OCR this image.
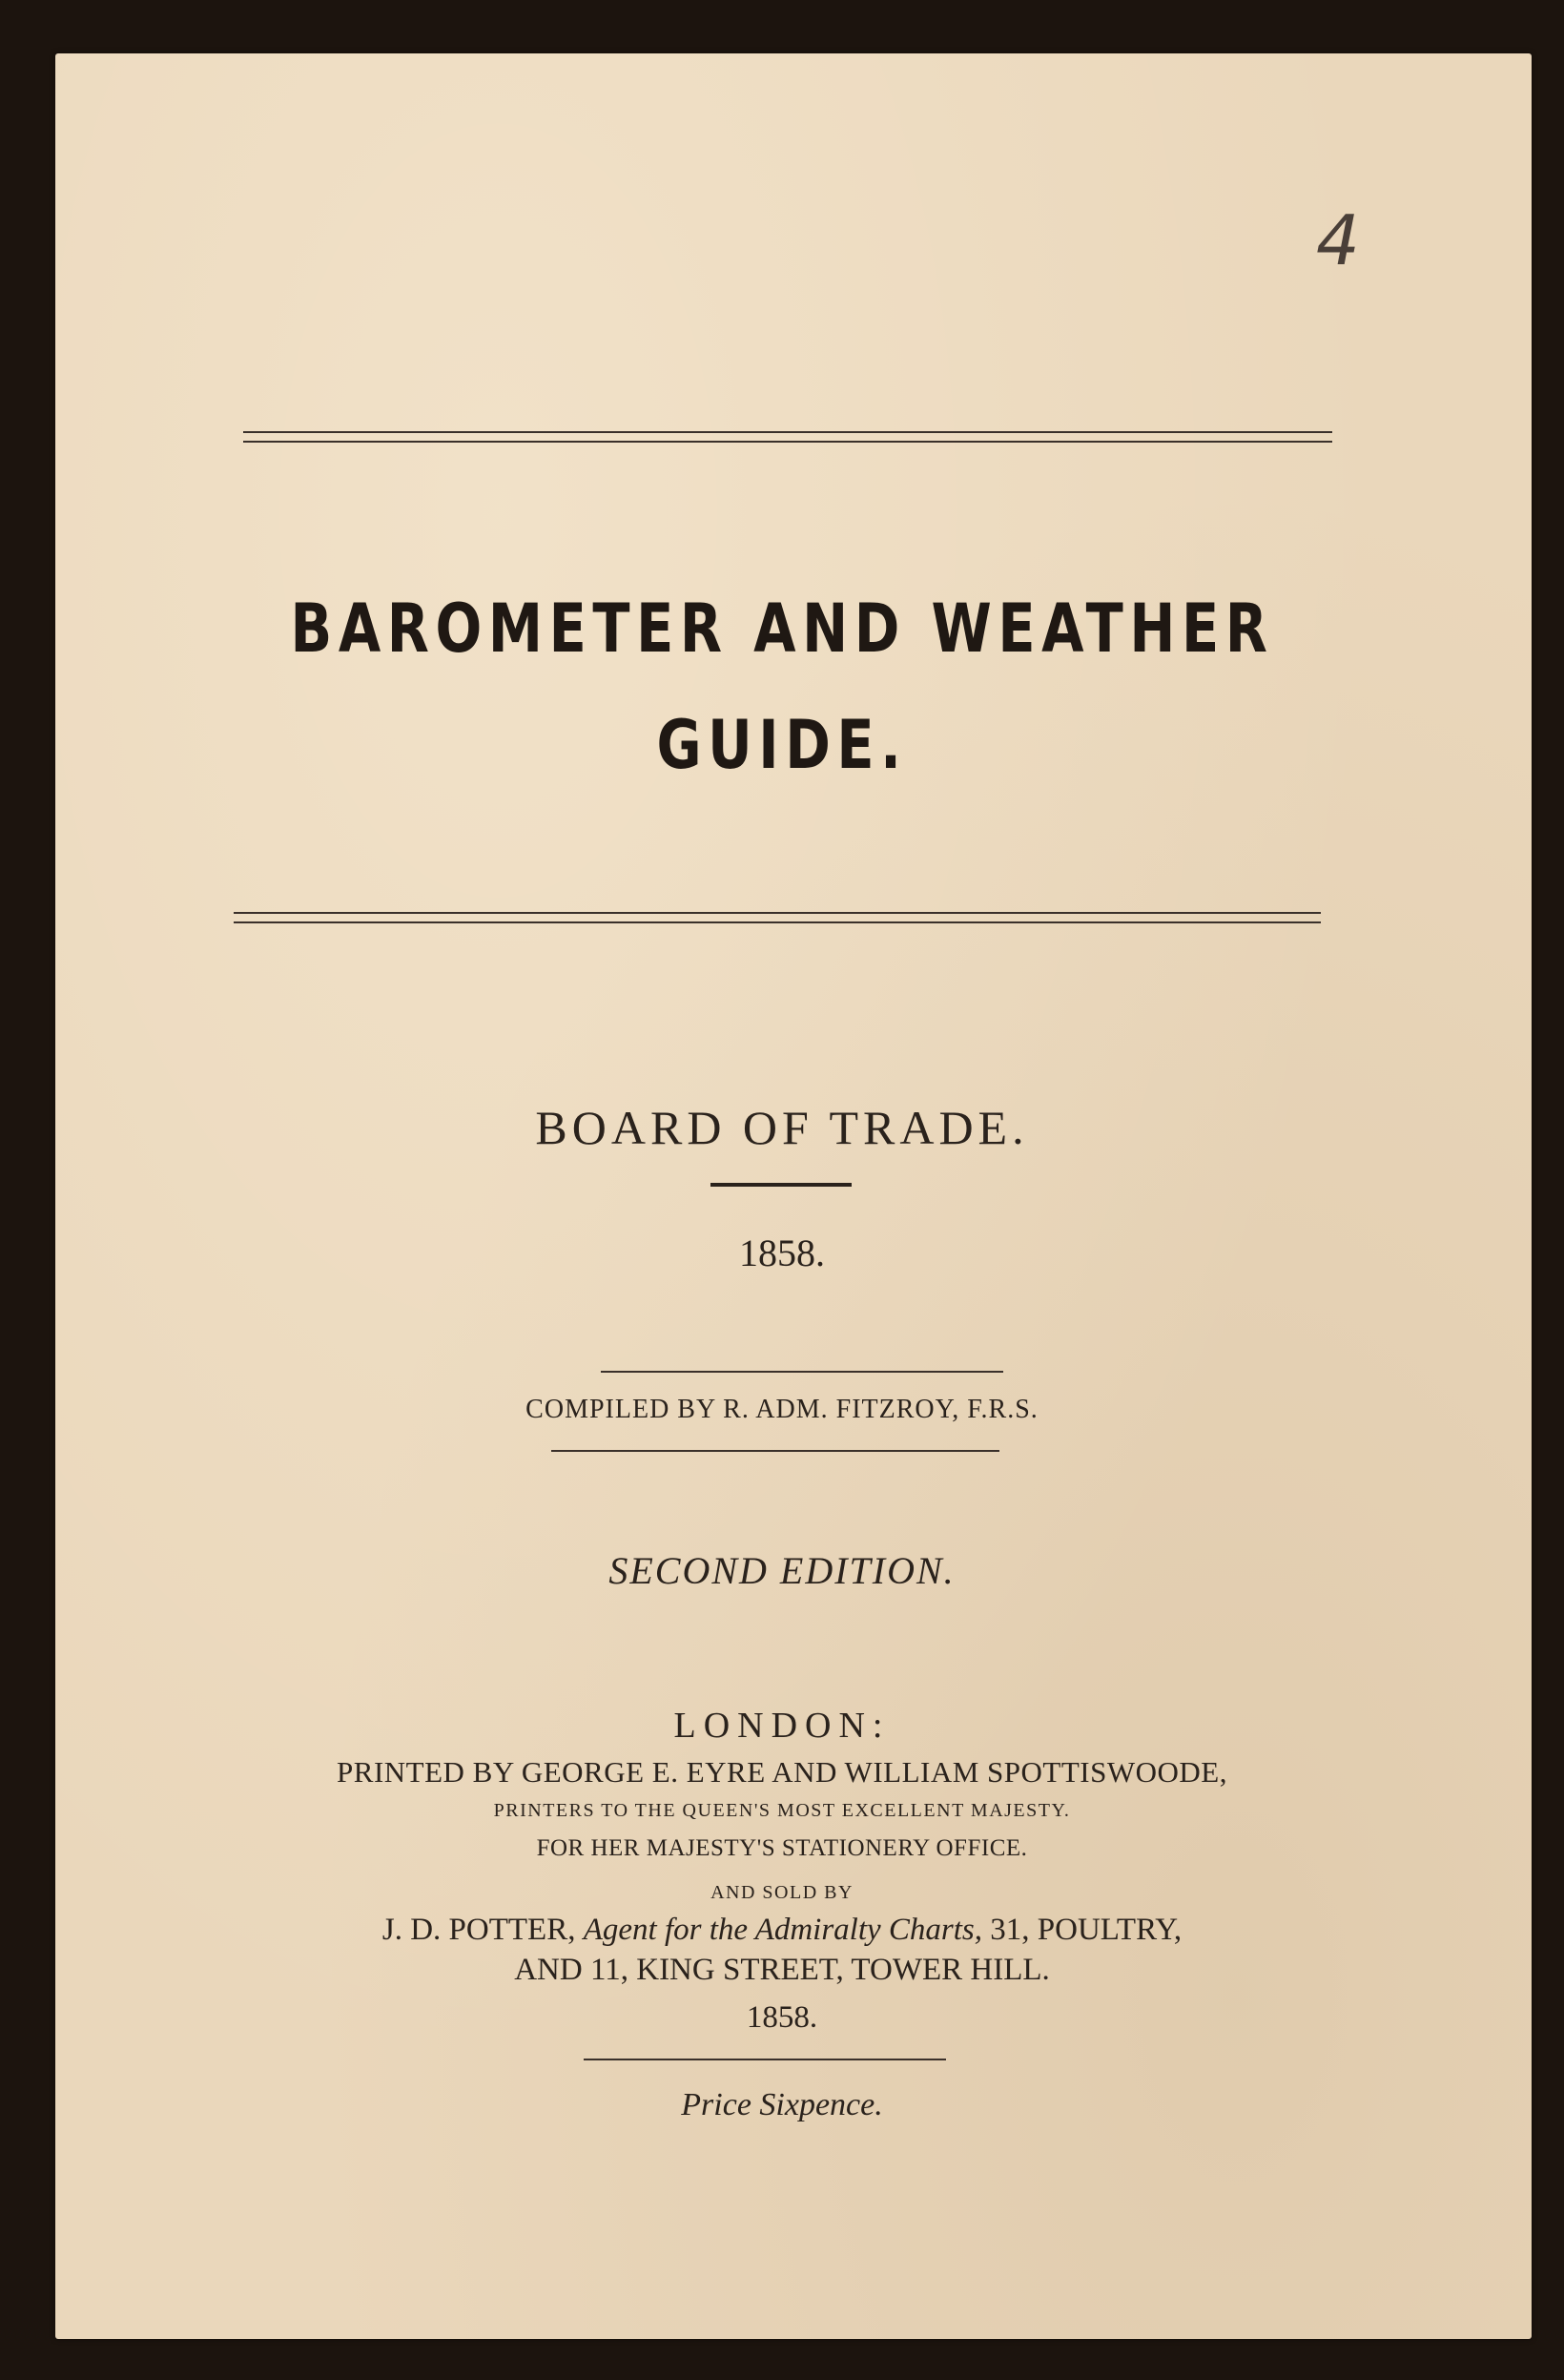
4
BAROMETER AND WEATHER
GUIDE.
BOARD OF TRADE.
1858.
COMPILED BY R. ADM. FITZROY, F.R.S.
SECOND EDITION.
LONDON:
PRINTED BY GEORGE E. EYRE AND WILLIAM SPOTTISWOODE,
PRINTERS TO THE QUEEN'S MOST EXCELLENT MAJESTY.
FOR HER MAJESTY'S STATIONERY OFFICE.
AND SOLD BY
J. D. POTTER, Agent for the Admiralty Charts, 31, POULTRY,
AND 11, KING STREET, TOWER HILL.
1858.
Price Sixpence.
